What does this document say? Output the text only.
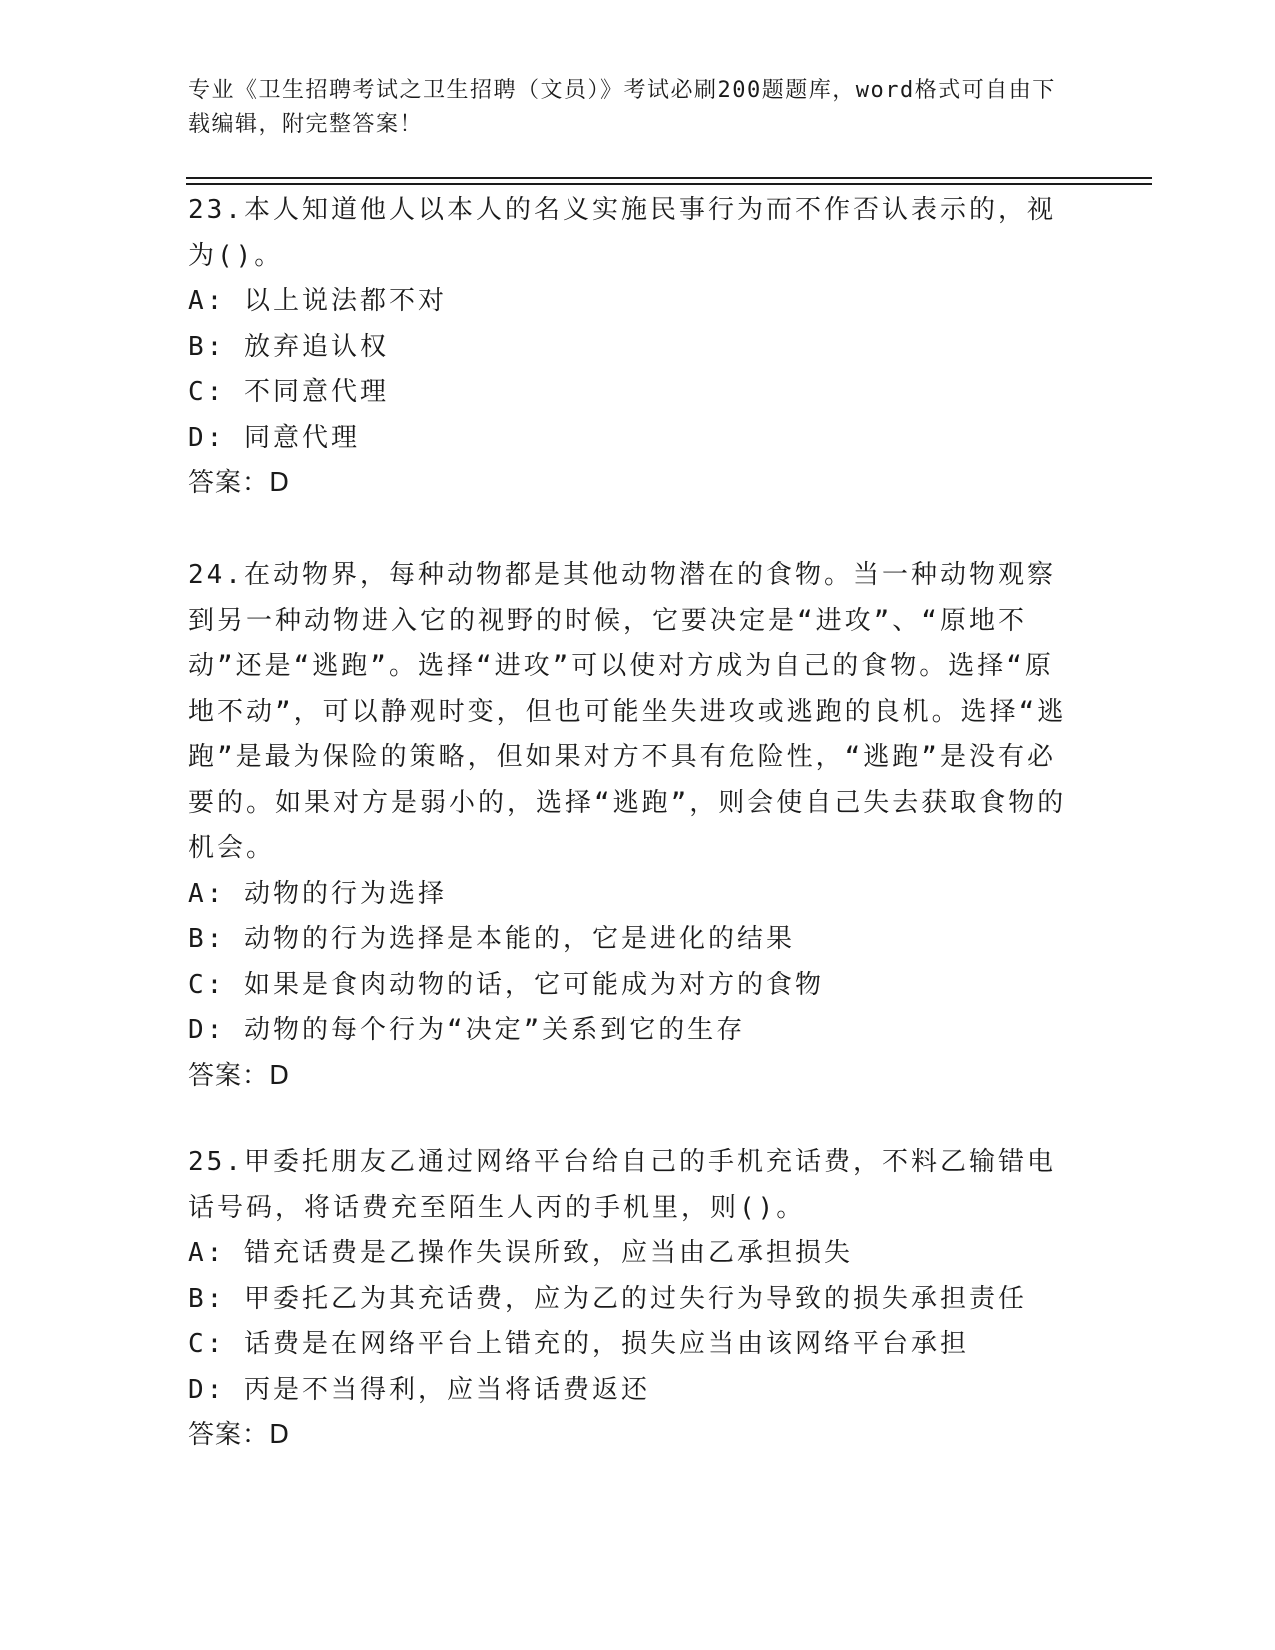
专业《卫生招聘考试之卫生招聘（文员）》考试必刷200题题库，word格式可自由下载编辑，附完整答案！
23.本人知道他人以本人的名义实施民事行为而不作否认表示的，视为()。
A: 以上说法都不对
B: 放弃追认权
C: 不同意代理
D: 同意代理
答案：D
24.在动物界，每种动物都是其他动物潜在的食物。当一种动物观察到另一种动物进入它的视野的时候，它要决定是“进攻”、“原地不动”还是“逃跑”。选择“进攻”可以使对方成为自己的食物。选择“原地不动”，可以静观时变，但也可能坐失进攻或逃跑的良机。选择“逃跑”是最为保险的策略，但如果对方不具有危险性，“逃跑”是没有必要的。如果对方是弱小的，选择“逃跑”，则会使自己失去获取食物的机会。
A: 动物的行为选择
B: 动物的行为选择是本能的，它是进化的结果
C: 如果是食肉动物的话，它可能成为对方的食物
D: 动物的每个行为“决定”关系到它的生存
答案：D
25.甲委托朋友乙通过网络平台给自己的手机充话费，不料乙输错电话号码，将话费充至陌生人丙的手机里，则()。
A: 错充话费是乙操作失误所致，应当由乙承担损失
B: 甲委托乙为其充话费，应为乙的过失行为导致的损失承担责任
C: 话费是在网络平台上错充的，损失应当由该网络平台承担
D: 丙是不当得利，应当将话费返还
答案：D
